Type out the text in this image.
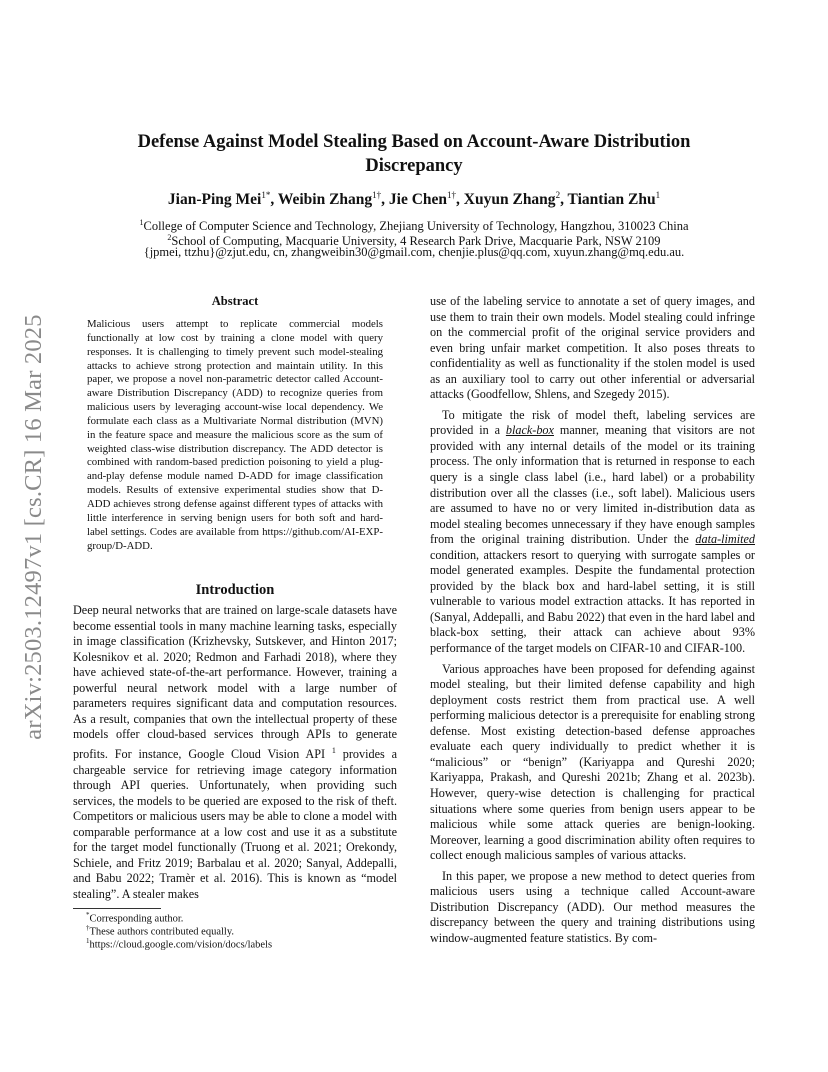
arXiv:2503.12497v1 [cs.CR] 16 Mar 2025
Defense Against Model Stealing Based on Account-Aware Distribution Discrepancy
Jian-Ping Mei$^{1*}$, Weibin Zhang$^{1\dagger}$, Jie Chen$^{1\dagger}$, Xuyun Zhang$^2$, Tiantian Zhu$^1$
$^1$College of Computer Science and Technology, Zhejiang University of Technology, Hangzhou, 310023 China
$^2$School of Computing, Macquarie University, 4 Research Park Drive, Macquarie Park, NSW 2109
{jpmei, ttzhu}@zjut.edu, cn, zhangweibin30@gmail.com, chenjie.plus@qq.com, xuyun.zhang@mq.edu.au.
Abstract
Malicious users attempt to replicate commercial models functionally at low cost by training a clone model with query responses. It is challenging to timely prevent such model-stealing attacks to achieve strong protection and maintain utility. In this paper, we propose a novel non-parametric detector called Account-aware Distribution Discrepancy (ADD) to recognize queries from malicious users by leveraging account-wise local dependency. We formulate each class as a Multivariate Normal distribution (MVN) in the feature space and measure the malicious score as the sum of weighted class-wise distribution discrepancy. The ADD detector is combined with random-based prediction poisoning to yield a plug-and-play defense module named D-ADD for image classification models. Results of extensive experimental studies show that D-ADD achieves strong defense against different types of attacks with little interference in serving benign users for both soft and hard-label settings. Codes are available from https://github.com/AI-EXP-group/D-ADD.
Introduction
Deep neural networks that are trained on large-scale datasets have become essential tools in many machine learning tasks, especially in image classification (Krizhevsky, Sutskever, and Hinton 2017; Kolesnikov et al. 2020; Redmon and Farhadi 2018), where they have achieved state-of-the-art performance. However, training a powerful neural network model with a large number of parameters requires significant data and computation resources. As a result, companies that own the intellectual property of these models offer cloud-based services through APIs to generate profits. For instance, Google Cloud Vision API $^1$ provides a chargeable service for retrieving image category information through API queries. Unfortunately, when providing such services, the models to be queried are exposed to the risk of theft. Competitors or malicious users may be able to clone a model with comparable performance at a low cost and use it as a substitute for the target model functionally (Truong et al. 2021; Orekondy, Schiele, and Fritz 2019; Barbalau et al. 2020; Sanyal, Addepalli, and Babu 2022; Tramèr et al. 2016). This is known as “model stealing”. A stealer makes

use of the labeling service to annotate a set of query images, and use them to train their own models. Model stealing could infringe on the commercial profit of the original service providers and even bring unfair market competition. It also poses threats to confidentiality as well as functionality if the stolen model is used as an auxiliary tool to carry out other inferential or adversarial attacks (Goodfellow, Shlens, and Szegedy 2015).

To mitigate the risk of model theft, labeling services are provided in a black-box manner, meaning that visitors are not provided with any internal details of the model or its training process. The only information that is returned in response to each query is a single class label (i.e., hard label) or a probability distribution over all the classes (i.e., soft label). Malicious users are assumed to have no or very limited in-distribution data as model stealing becomes unnecessary if they have enough samples from the original training distribution. Under the data-limited condition, attackers resort to querying with surrogate samples or model generated examples. Despite the fundamental protection provided by the black box and hard-label setting, it is still vulnerable to various model extraction attacks. It has reported in (Sanyal, Addepalli, and Babu 2022) that even in the hard label and black-box setting, their attack can achieve about 93% performance of the target models on CIFAR-10 and CIFAR-100.

Various approaches have been proposed for defending against model stealing, but their limited defense capability and high deployment costs restrict them from practical use. A well performing malicious detector is a prerequisite for enabling strong defense. Most existing detection-based defense approaches evaluate each query individually to predict whether it is “malicious” or “benign” (Kariyappa and Qureshi 2020; Kariyappa, Prakash, and Qureshi 2021b; Zhang et al. 2023b). However, query-wise detection is challenging for practical situations where some queries from benign users appear to be malicious while some attack queries are benign-looking. Moreover, learning a good discrimination ability often requires to collect enough malicious samples of various attacks.

In this paper, we propose a new method to detect queries from malicious users using a technique called Account-aware Distribution Discrepancy (ADD). Our method measures the discrepancy between the query and training distributions using window-augmented feature statistics. By com-

*Corresponding author.
†These authors contributed equally.
$^1$https://cloud.google.com/vision/docs/labels
